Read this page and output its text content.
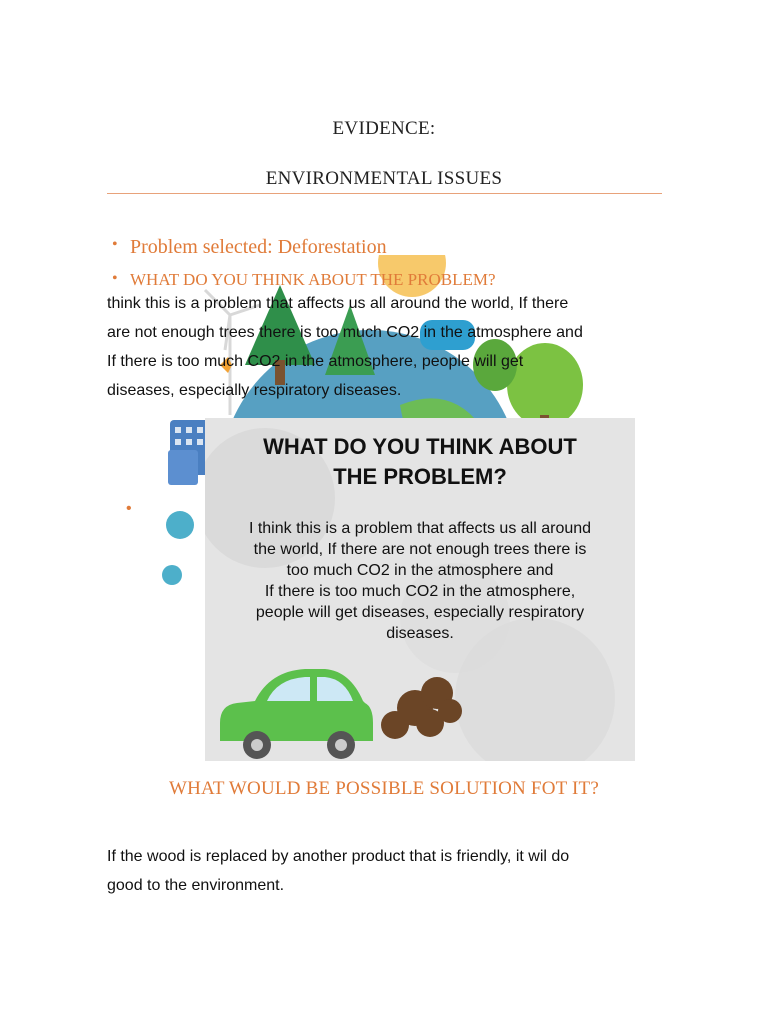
EVIDENCE:
ENVIRONMENTAL ISSUES
• Problem selected: Deforestation
• WHAT DO YOU THINK ABOUT THE PROBLEM?
think this is a problem that affects us all around the world, If there
are not enough trees there is too much CO2 in the atmosphere and
If there is too much CO2 in the atmosphere, people will get
diseases, especially respiratory diseases.
•
WHAT DO YOU THINK ABOUT
THE PROBLEM?
I think this is a problem that affects us all around
the world, If there are not enough trees there is
too much CO2 in the atmosphere and
If there is too much CO2 in the atmosphere,
people will get diseases, especially respiratory
diseases.
WHAT WOULD BE POSSIBLE SOLUTION FOT IT?
If the wood is replaced by another product that is friendly, it wil do
good to the environment.
